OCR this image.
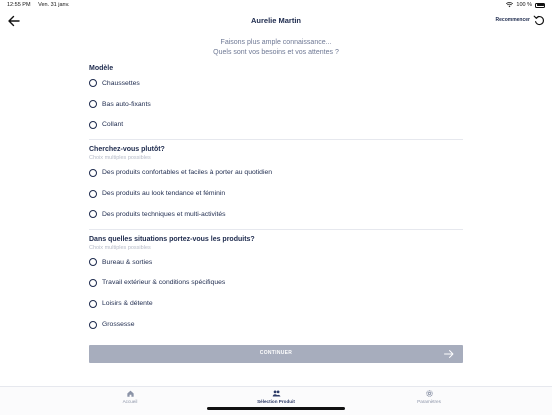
12:55 PM Ven. 31 janv.	100 %
Aurelie Martin	Recommencer
Faisons plus ample connaissance...
Quels sont vos besoins et vos attentes ?
Modèle
Chaussettes
Bas auto-fixants
Collant
Cherchez-vous plutôt?
Choix multiples possibles
Des produits confortables et faciles à porter au quotidien
Des produits au look tendance et féminin
Des produits techniques et multi-activités
Dans quelles situations portez-vous les produits?
Choix multiples possibles
Bureau & sorties
Travail extérieur & conditions spécifiques
Loisirs & détente
Grossesse
CONTINUER
Accueil	Sélection Produit	Paramètres
